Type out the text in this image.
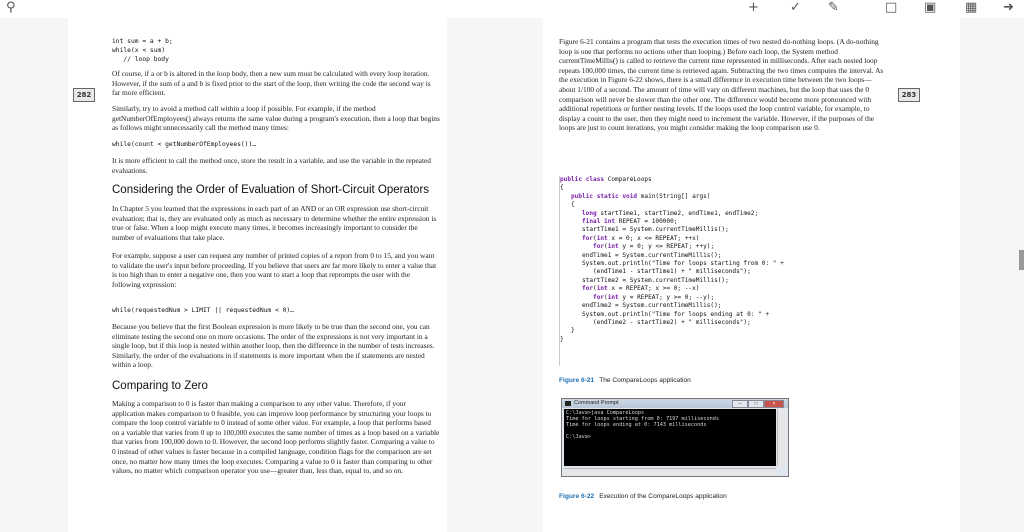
⚲	+ ✓ ✎	□ ▣ ▦ ➜
282	283
int sum = a + b;
while(x < sum)
// loop body

Of course, if a or b is altered in the loop body, then a new sum must be calculated with every loop iteration. However, if the sum of a and b is fixed prior to the start of the loop, then writing the code the second way is far more efficient.

Similarly, try to avoid a method call within a loop if possible. For example, if the method getNumberOfEmployees() always returns the same value during a program's execution, then a loop that begins as follows might unnecessarily call the method many times:

while(count < getNumberOfEmployees())…

It is more efficient to call the method once, store the result in a variable, and use the variable in the repeated evaluations.

Considering the Order of Evaluation of Short-Circuit Operators

In Chapter 5 you learned that the expressions in each part of an AND or an OR expression use short-circuit evaluation; that is, they are evaluated only as much as necessary to determine whether the entire expression is true or false. When a loop might execute many times, it becomes increasingly important to consider the number of evaluations that take place.

For example, suppose a user can request any number of printed copies of a report from 0 to 15, and you want to validate the user's input before proceeding. If you believe that users are far more likely to enter a value that is too high than to enter a negative one, then you want to start a loop that reprompts the user with the following expression:

while(requestedNum > LIMIT || requestedNum < 0)…

Because you believe that the first Boolean expression is more likely to be true than the second one, you can eliminate testing the second one on more occasions. The order of the expressions is not very important in a single loop, but if this loop is nested within another loop, then the difference in the number of tests increases. Similarly, the order of the evaluations in if statements is more important when the if statements are nested within a loop.

Comparing to Zero

Making a comparison to 0 is faster than making a comparison to any other value. Therefore, if your application makes comparison to 0 feasible, you can improve loop performance by structuring your loops to compare the loop control variable to 0 instead of some other value. For example, a loop that performs based on a variable that varies from 0 up to 100,000 executes the same number of times as a loop based on a variable that varies from 100,000 down to 0. However, the second loop performs slightly faster. Comparing a value to 0 instead of other values is faster because in a compiled language, condition flags for the comparison are set once, no matter how many times the loop executes. Comparing a value to 0 is faster than comparing to other values, no matter which comparison operator you use—greater than, less than, equal to, and so on.

Figure 6-21 contains a program that tests the execution times of two nested do-nothing loops. (A do-nothing loop is one that performs no actions other than looping.) Before each loop, the System method currentTimeMillis() is called to retrieve the current time represented in milliseconds. After each nested loop repeats 100,000 times, the current time is retrieved again. Subtracting the two times computes the interval. As the execution in Figure 6-22 shows, there is a small difference in execution time between the two loops—about 1/100 of a second. The amount of time will vary on different machines, but the loop that uses the 0 comparison will never be slower than the other one. The difference would become more pronounced with additional repetitions or further nesting levels. If the loops used the loop control variable, for example, to display a count to the user, then they might need to increment the variable. However, if the purposes of the loops are just to count iterations, you might consider making the loop comparison use 0.

public class CompareLoops
{
public static void main(String[] args)
{
long startTime1, startTime2, endTime1, endTime2;
final int REPEAT = 100000;
startTime1 = System.currentTimeMillis();
for(int x = 0; x <= REPEAT; ++x)
for(int y = 0; y <= REPEAT; ++y);
endTime1 = System.currentTimeMillis();
System.out.println("Time for loops starting from 0: " +
(endTime1 - startTime1) + " milliseconds");
startTime2 = System.currentTimeMillis();
for(int x = REPEAT; x >= 0; --x)
for(int y = REPEAT; y >= 0; --y);
endTime2 = System.currentTimeMillis();
System.out.println("Time for loops ending at 0: " +
(endTime2 - startTime2) + " milliseconds");
}
}
Figure 6-21 The CompareLoops application
Command Prompt	–	□	×
C:\Java>java CompareLoops
Time for loops starting from 0: 7197 milliseconds
Time for loops ending at 0: 7143 milliseconds

C:\Java>
Figure 6-22 Execution of the CompareLoops application
